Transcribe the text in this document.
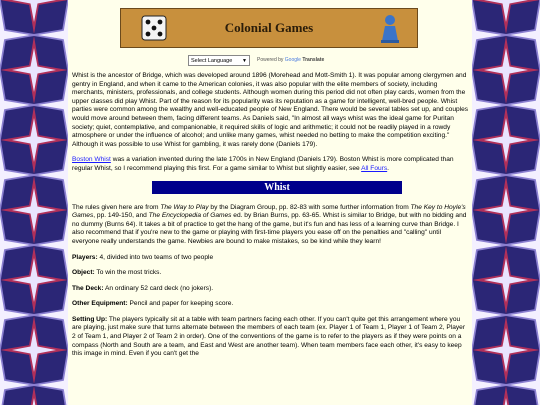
Colonial Games
Select Language ▼ Powered by Google Translate

Whist is the ancestor of Bridge, which was developed around 1896 (Morehead and Mott-Smith 1). It was popular among clergymen and gentry in England, and when it came to the American colonies, it was also popular with the elite members of society, including merchants, ministers, professionals, and college students. Although women during this period did not often play cards, women from the upper classes did play Whist. Part of the reason for its popularity was its reputation as a game for intelligent, well-bred people. Whist parties were common among the wealthy and well-educated people of New England. There would be several tables set up, and couples would move around between them, facing different teams. As Daniels said, "In almost all ways whist was the ideal game for Puritan society; quiet, contemplative, and companionable, it required skills of logic and arithmetic; it could not be readily played in a rowdy atmosphere or under the influence of alcohol; and unlike many games, whist needed no betting to make the competition exciting." Although it was possible to use Whist for gambling, it was rarely done (Daniels 179).

Boston Whist was a variation invented during the late 1700s in New England (Daniels 179). Boston Whist is more complicated than regular Whist, so I recommend playing this first. For a game similar to Whist but slightly easier, see All Fours.

Whist

The rules given here are from The Way to Play by the Diagram Group, pp. 82-83 with some further information from The Key to Hoyle's Games, pp. 149-150, and The Encyclopedia of Games ed. by Brian Burns, pp. 63-65. Whist is similar to Bridge, but with no bidding and no dummy (Burns 64). It takes a bit of practice to get the hang of the game, but it's fun and has less of a learning curve than Bridge. I also recommend that if you're new to the game or playing with first-time players you ease off on the penalties and "calling" until everyone really understands the game. Newbies are bound to make mistakes, so be kind while they learn!

Players: 4, divided into two teams of two people

Object: To win the most tricks.

The Deck: An ordinary 52 card deck (no jokers).

Other Equipment: Pencil and paper for keeping score.

Setting Up: The players typically sit at a table with team partners facing each other. If you can't quite get this arrangement where you are playing, just make sure that turns alternate between the members of each team (ex. Player 1 of Team 1, Player 1 of Team 2, Player 2 of Team 1, and Player 2 of Team 2 in order). One of the conventions of the game is to refer to the players as if they were points on a compass (North and South are a team, and East and West are another team). When team members face each other, it's easy to keep this image in mind. Even if you can't get the
